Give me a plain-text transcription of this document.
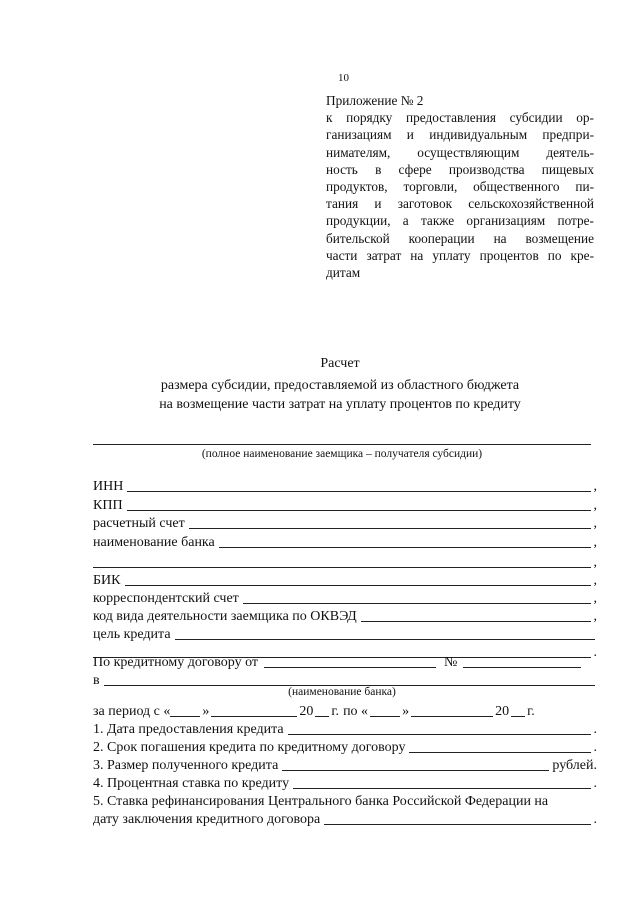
10
Приложение № 2
к порядку предоставления субсидии ор-
ганизациям и индивидуальным предпри-
нимателям, осуществляющим деятель-
ность в сфере производства пищевых
продуктов, торговли, общественного пи-
тания и заготовок сельскохозяйственной
продукции, а также организациям потре-
бительской кооперации на возмещение
части затрат на уплату процентов по кре-
дитам
Расчет
размера субсидии, предоставляемой из областного бюджета
на возмещение части затрат на уплату процентов по кредиту
(полное наименование заемщика – получателя субсидии)
ИНН	,
КПП	,
расчетный счет	,
наименование банка	,
,
БИК	,
корреспондентский счет	,
код вида деятельности заемщика по ОКВЭД	,
цель кредита
.
По кредитному договору от	№
в
(наименование банка)
за период с « »	20 г. по « »	20 г.
1. Дата предоставления кредита	.
2. Срок погашения кредита по кредитному договору	.
3. Размер полученного кредита	рублей.
4. Процентная ставка по кредиту	.
5. Ставка рефинансирования Центрального банка Российской Федерации на
дату заключения кредитного договора	.
